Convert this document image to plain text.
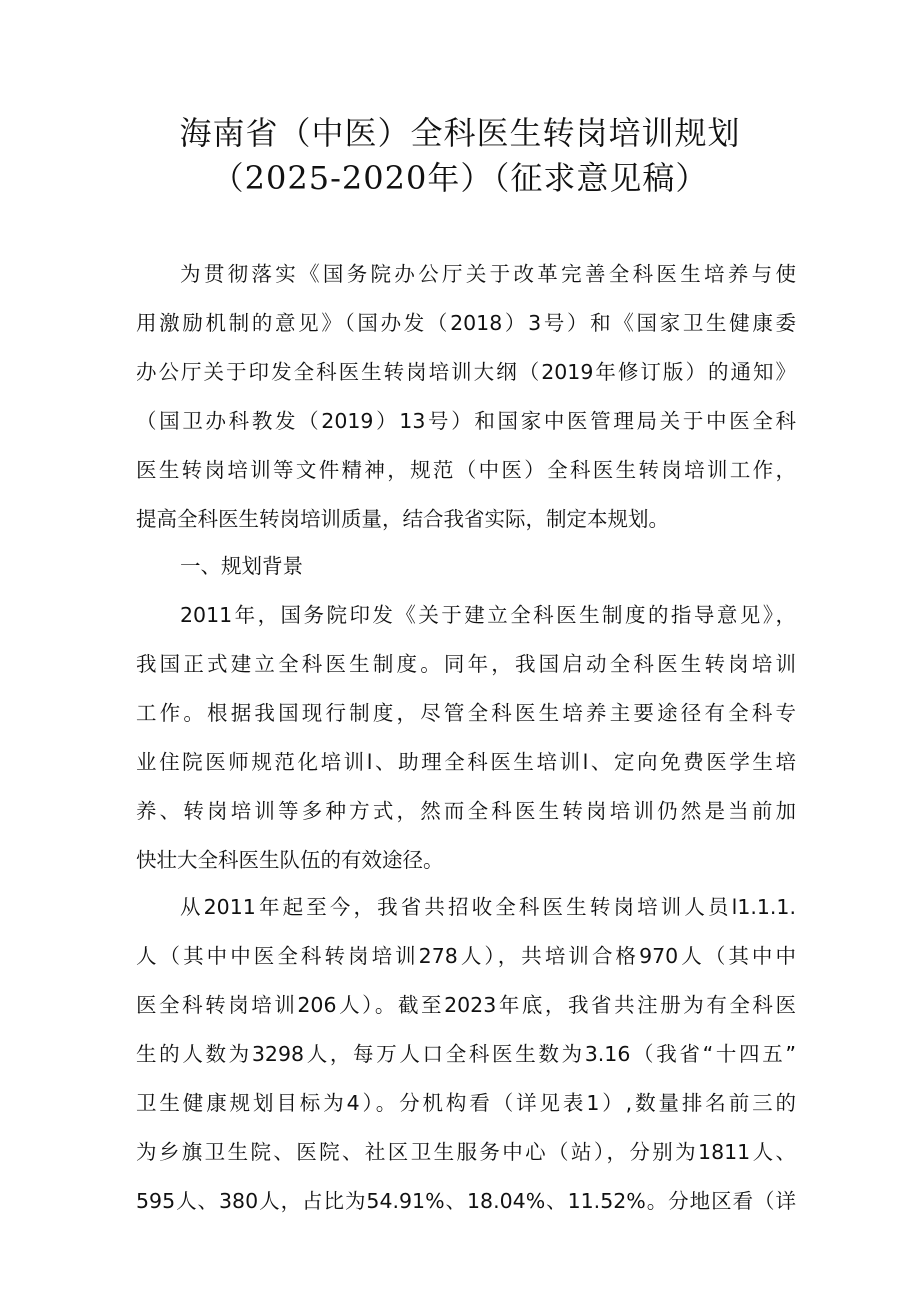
海南省（中医）全科医生转岗培训规划
（2025-2020年）（征求意见稿）
为贯彻落实《国务院办公厅关于改革完善全科医生培养与使
用激励机制的意见》（国办发（2018）3号）和《国家卫生健康委
办公厅关于印发全科医生转岗培训大纲（2019年修订版）的通知》
（国卫办科教发（2019）13号）和国家中医管理局关于中医全科
医生转岗培训等文件精神，规范（中医）全科医生转岗培训工作，
提高全科医生转岗培训质量，结合我省实际，制定本规划。
一、规划背景
2011年，国务院印发《关于建立全科医生制度的指导意见》，
我国正式建立全科医生制度。同年，我国启动全科医生转岗培训
工作。根据我国现行制度，尽管全科医生培养主要途径有全科专
业住院医师规范化培训l、助理全科医生培训l、定向免费医学生培
养、转岗培训等多种方式，然而全科医生转岗培训仍然是当前加
快壮大全科医生队伍的有效途径。
从2011年起至今，我省共招收全科医生转岗培训人员l1.1.1.
人（其中中医全科转岗培训278人），共培训合格970人（其中中
医全科转岗培训206人）。截至2023年底，我省共注册为有全科医
生的人数为3298人，每万人口全科医生数为3.16（我省“十四五”
卫生健康规划目标为4）。分机构看（详见表1）,数量排名前三的
为乡旗卫生院、医院、社区卫生服务中心（站），分别为1811人、
595人、380人，占比为54.91%、18.04%、11.52%。分地区看（详
